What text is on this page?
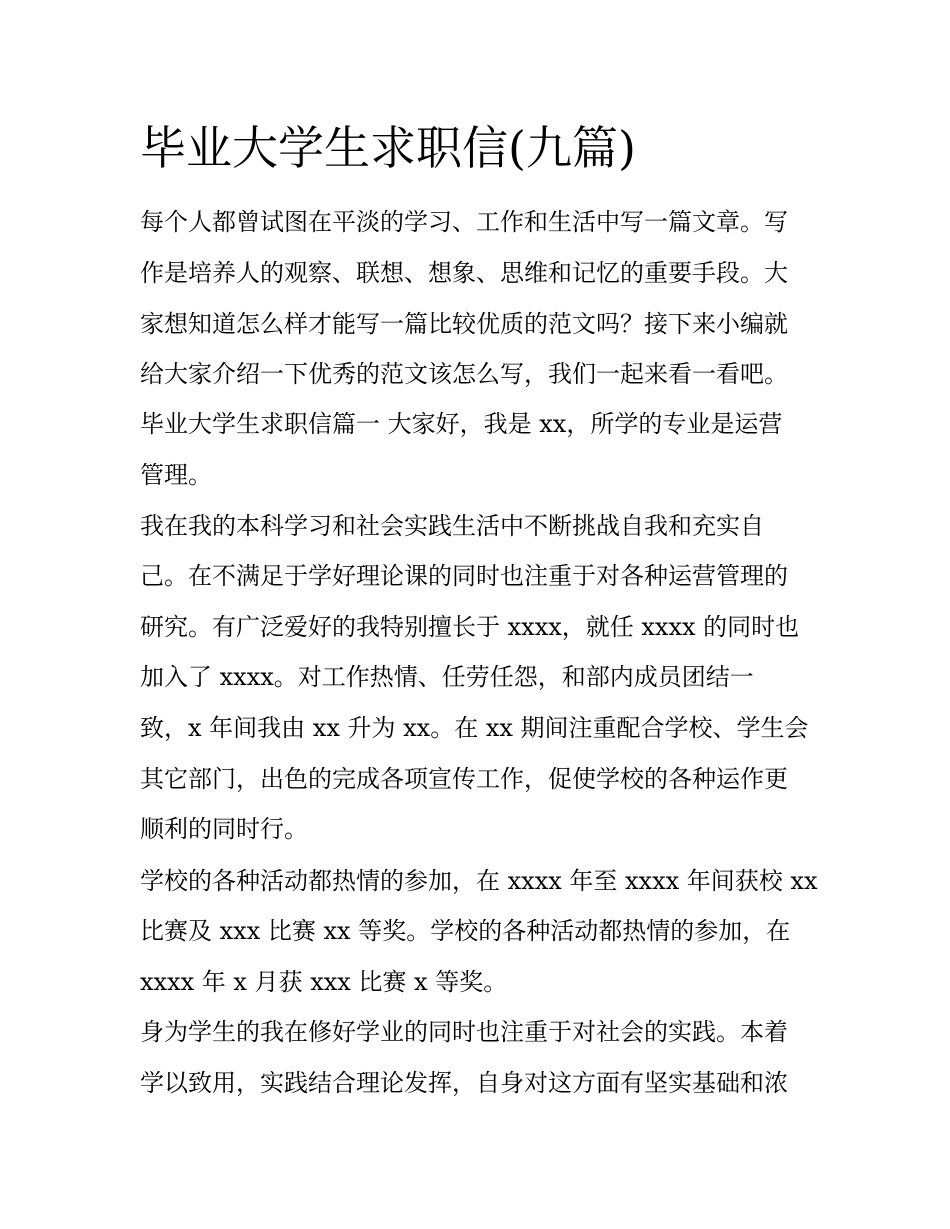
毕业大学生求职信(九篇)

每个人都曾试图在平淡的学习、工作和生活中写一篇文章。写

作是培养人的观察、联想、想象、思维和记忆的重要手段。大

家想知道怎么样才能写一篇比较优质的范文吗？接下来小编就

给大家介绍一下优秀的范文该怎么写，我们一起来看一看吧。

毕业大学生求职信篇一 大家好，我是 xx，所学的专业是运营

管理。

我在我的本科学习和社会实践生活中不断挑战自我和充实自

己。在不满足于学好理论课的同时也注重于对各种运营管理的

研究。有广泛爱好的我特别擅长于 xxxx，就任 xxxx 的同时也

加入了 xxxx。对工作热情、任劳任怨，和部内成员团结一

致，x 年间我由 xx 升为 xx。在 xx 期间注重配合学校、学生会

其它部门，出色的完成各项宣传工作，促使学校的各种运作更

顺利的同时行。

学校的各种活动都热情的参加，在 xxxx 年至 xxxx 年间获校 xx

比赛及 xxx 比赛 xx 等奖。学校的各种活动都热情的参加，在

xxxx 年 x 月获 xxx 比赛 x 等奖。

身为学生的我在修好学业的同时也注重于对社会的实践。本着

学以致用，实践结合理论发挥，自身对这方面有坚实基础和浓
